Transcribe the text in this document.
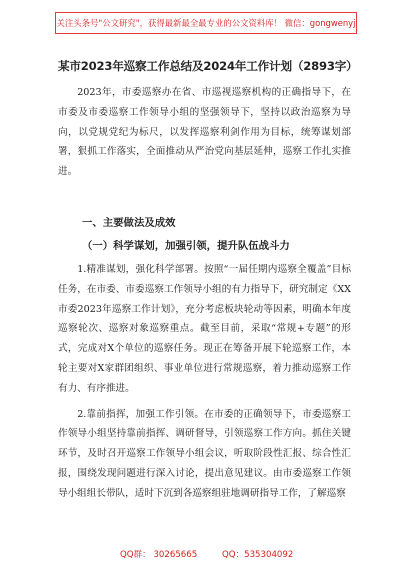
关注头条号"公文研究"，获得最新最全最专业的公文资料库！ 微信：gongwenyj
某市2023年巡察工作总结及2024年工作计划（2893字）

2023年，市委巡察办在省、市巡视巡察机构的正确指导下，在市委及市委巡察工作领导小组的坚强领导下，坚持以政治巡察为导向，以党规党纪为标尺，以发挥巡察利剑作用为目标，统筹谋划部署，狠抓工作落实，全面推动从严治党向基层延伸，巡察工作扎实推进。

一、主要做法及成效
（一）科学谋划，加强引领，提升队伍战斗力

1.精准谋划，强化科学部署。按照“一届任期内巡察全覆盖”目标任务，在市委、市委巡察工作领导小组的有力指导下，研究制定《XX市委2023年巡察工作计划》，充分考虑板块轮动等因素，明确本年度巡察轮次、巡察对象巡察重点。截至目前，采取“常规+专题”的形式，完成对X个单位的巡察任务。现正在筹备开展下轮巡察工作，本轮主要对X家群团组织、事业单位进行常规巡察，着力推动巡察工作有力、有序推进。

2.靠前指挥，加强工作引领。在市委的正确领导下，市委巡察工作领导小组坚持靠前指挥、调研督导，引领巡察工作方向。抓住关键环节，及时召开巡察工作领导小组会议，听取阶段性汇报、综合性汇报，围绕发现问题进行深入讨论，提出意见建议。由市委巡察工作领导小组组长带队，适时下沉到各巡察组驻地调研指导工作，了解巡察

QQ群： 30265665	QQ：535304092
